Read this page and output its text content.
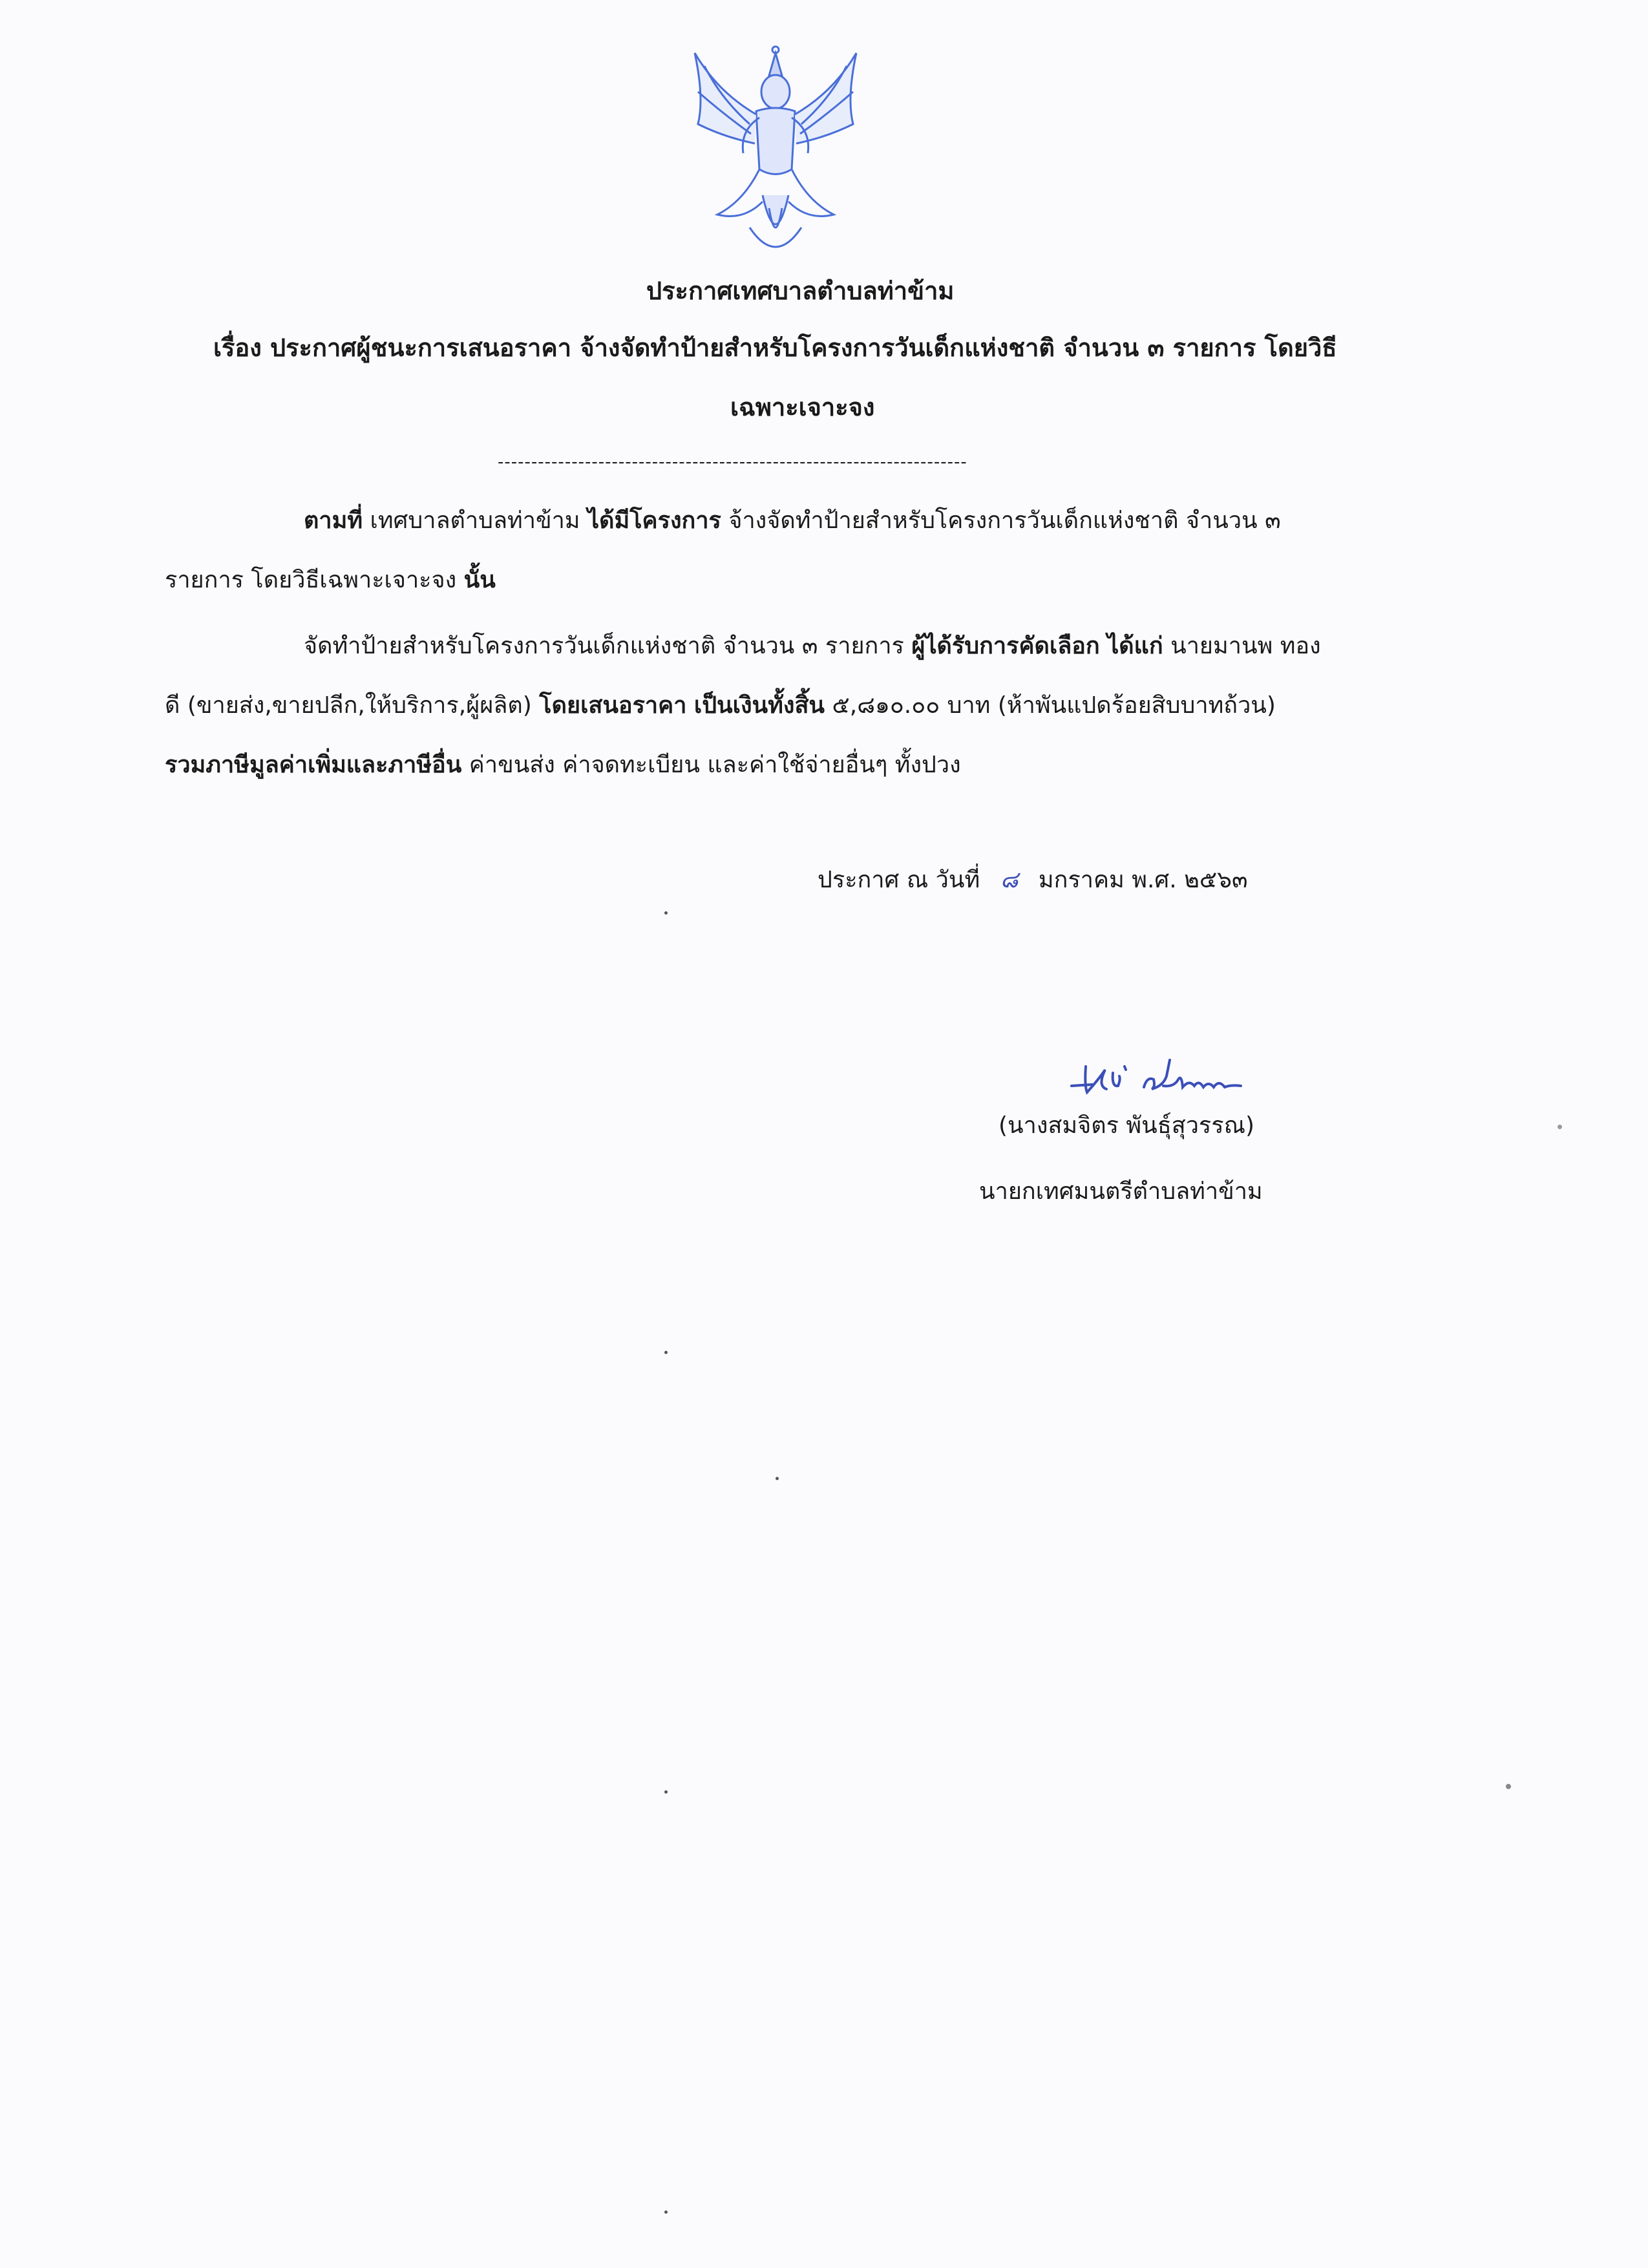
ประกาศเทศบาลตำบลท่าข้าม
เรื่อง ประกาศผู้ชนะการเสนอราคา จ้างจัดทำป้ายสำหรับโครงการวันเด็กแห่งชาติ จำนวน ๓ รายการ โดยวิธี
เฉพาะเจาะจง
----------------------------------------------------------------------
ตามที่ เทศบาลตำบลท่าข้าม ได้มีโครงการ จ้างจัดทำป้ายสำหรับโครงการวันเด็กแห่งชาติ จำนวน ๓
รายการ โดยวิธีเฉพาะเจาะจง นั้น
จัดทำป้ายสำหรับโครงการวันเด็กแห่งชาติ จำนวน ๓ รายการ ผู้ได้รับการคัดเลือก ได้แก่ นายมานพ ทอง
ดี (ขายส่ง,ขายปลีก,ให้บริการ,ผู้ผลิต) โดยเสนอราคา เป็นเงินทั้งสิ้น ๕,๘๑๐.๐๐ บาท (ห้าพันแปดร้อยสิบบาทถ้วน)
รวมภาษีมูลค่าเพิ่มและภาษีอื่น ค่าขนส่ง ค่าจดทะเบียน และค่าใช้จ่ายอื่นๆ ทั้งปวง
ประกาศ ณ วันที่ ๘ มกราคม พ.ศ. ๒๕๖๓
(นางสมจิตร พันธุ์สุวรรณ)
นายกเทศมนตรีตำบลท่าข้าม
